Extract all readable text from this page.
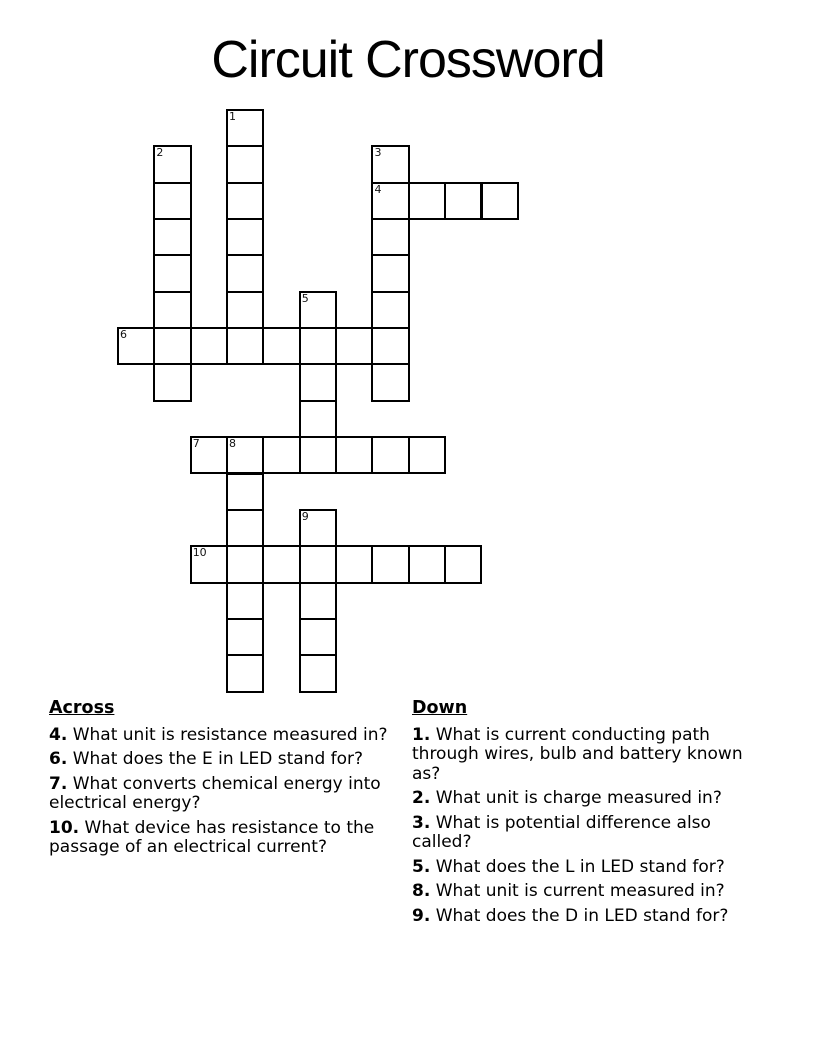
Circuit Crossword
1
2	3
4
5
6
7	8
9
10
Across

4. What unit is resistance measured in?

6. What does the E in LED stand for?

7. What converts chemical energy into electrical energy?

10. What device has resistance to the passage of an electrical current?

Down

1. What is current conducting path through wires, bulb and battery known as?

2. What unit is charge measured in?

3. What is potential difference also called?

5. What does the L in LED stand for?

8. What unit is current measured in?

9. What does the D in LED stand for?
